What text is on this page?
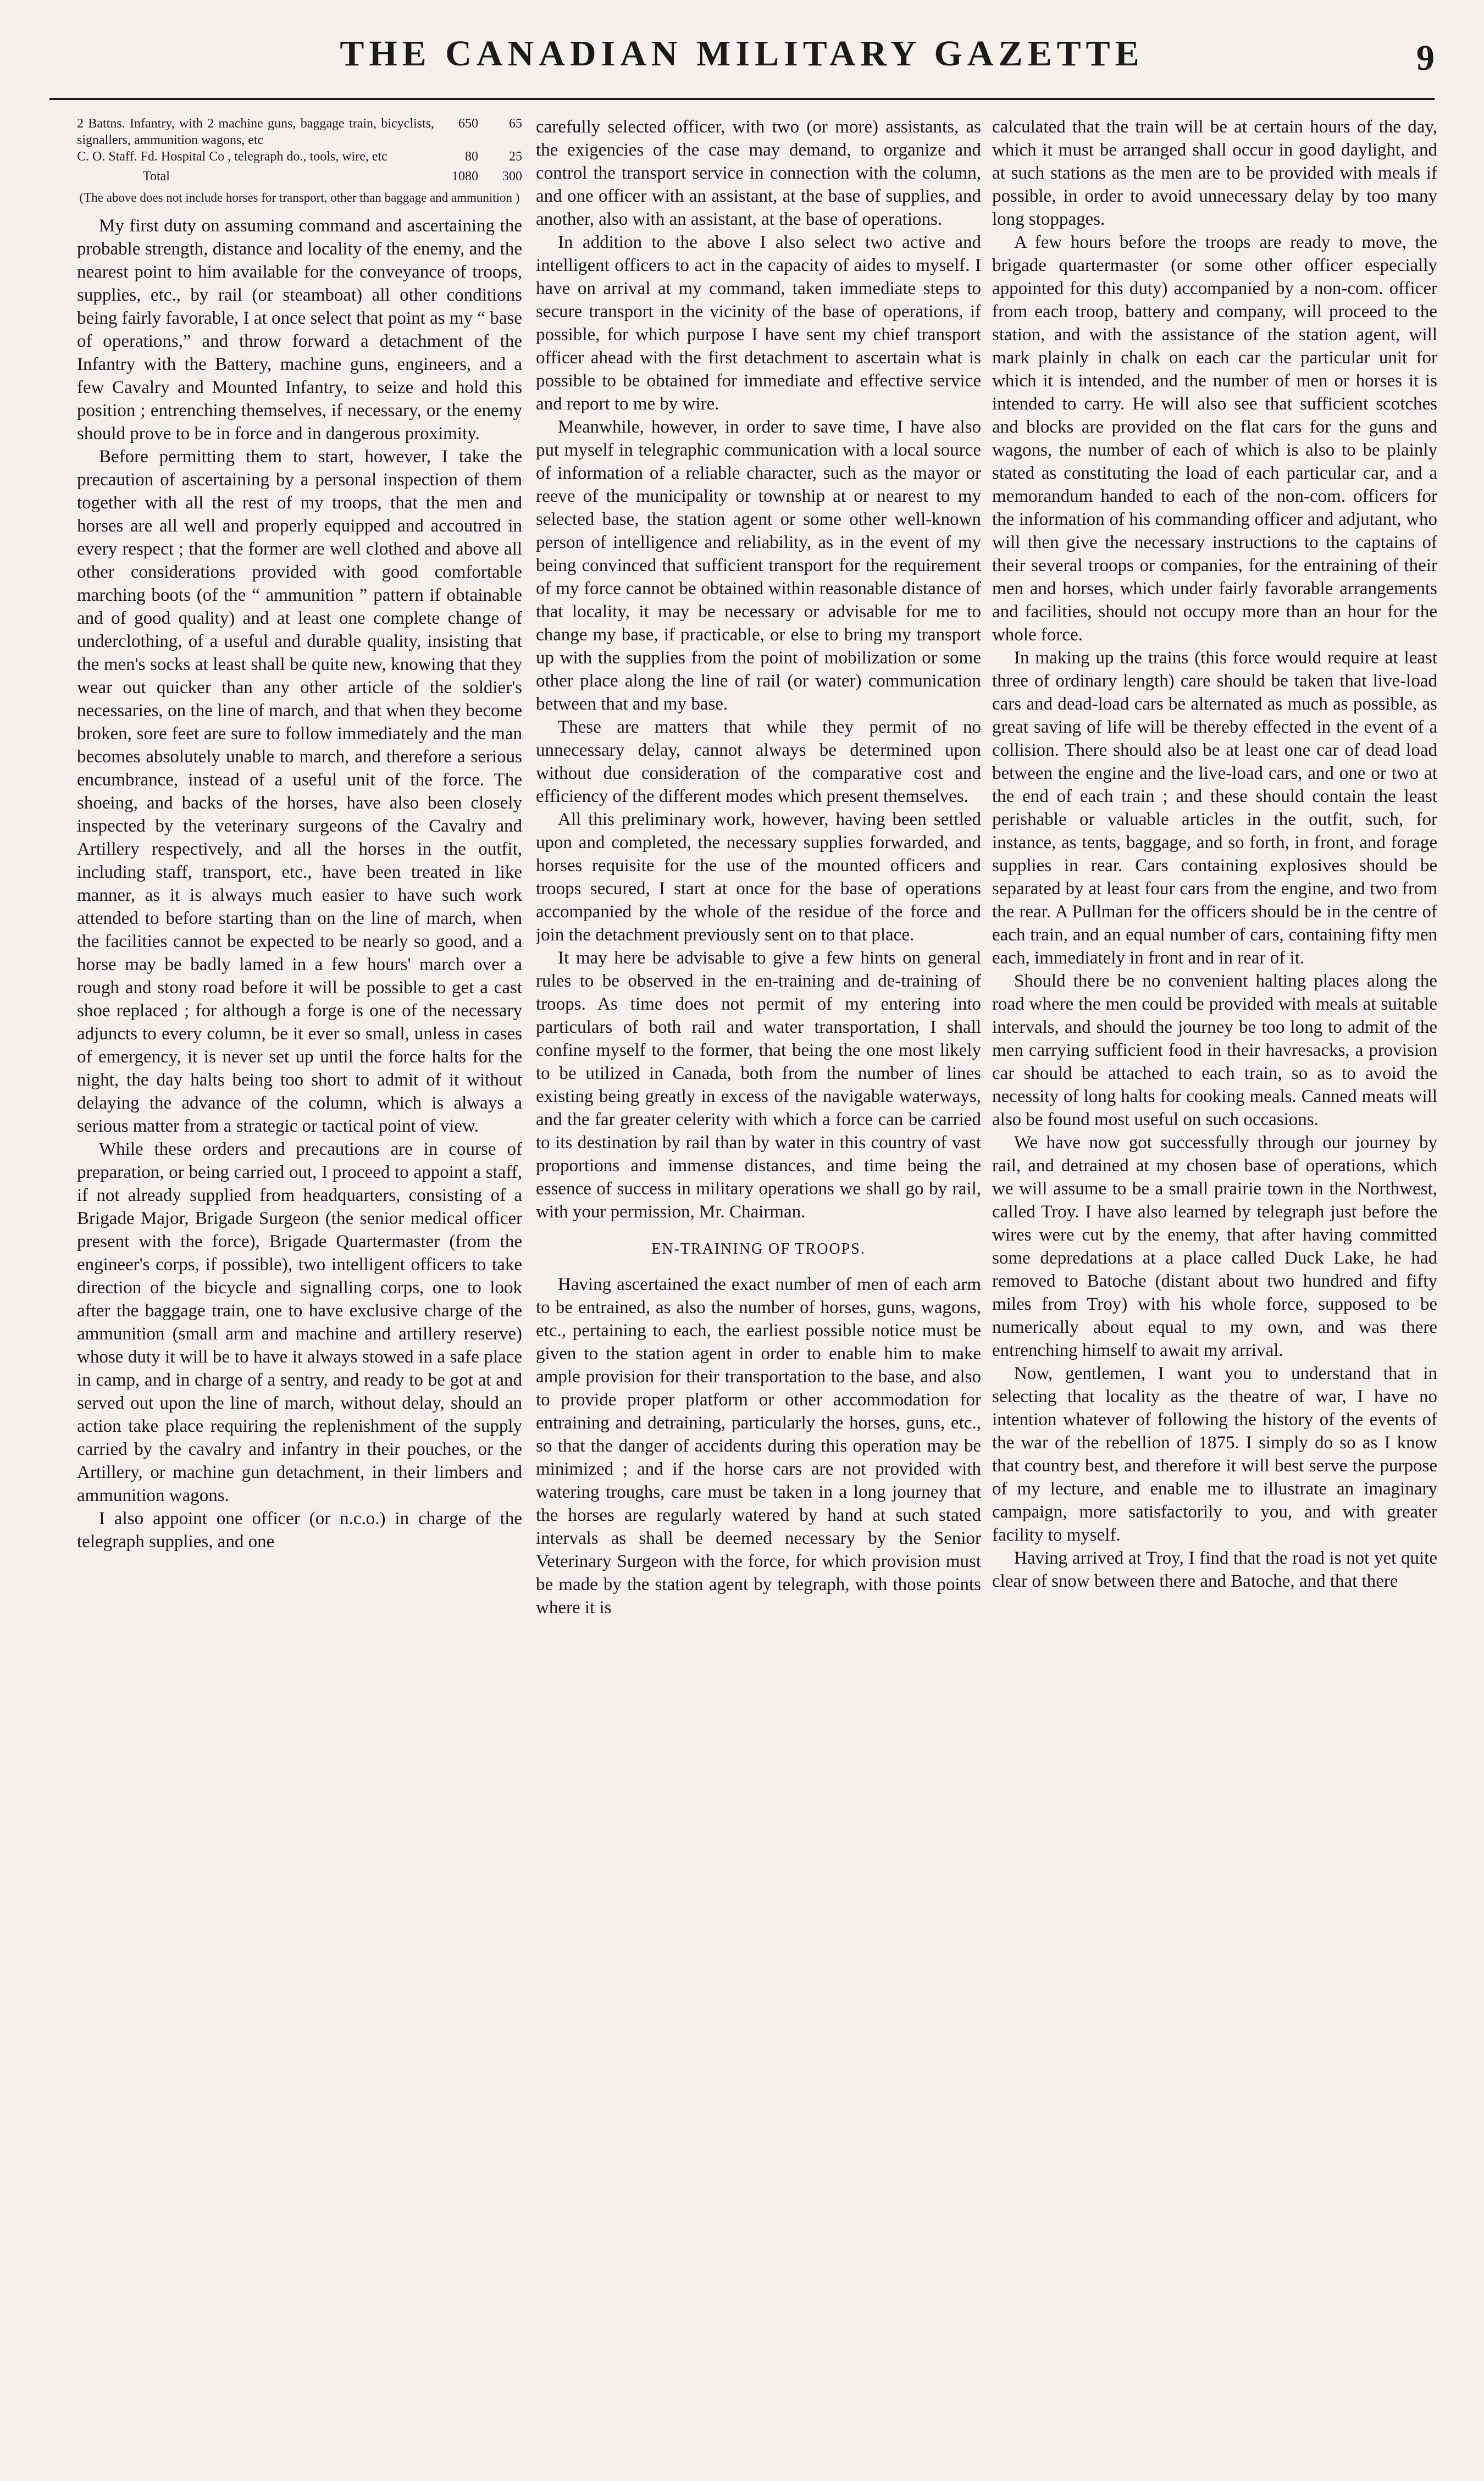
THE CANADIAN MILITARY GAZETTE	9
2 Battns. Infantry, with 2 machine guns, baggage train, bicyclists, signallers, ammunition wagons, etc	650	65
C. O. Staff. Fd. Hospital Co , telegraph do., tools, wire, etc	80	25
Total	1080	300
(The above does not include horses for transport, other than baggage and ammunition )

My first duty on assuming command and ascertaining the probable strength, distance and locality of the enemy, and the nearest point to him available for the conveyance of troops, supplies, etc., by rail (or steamboat) all other conditions being fairly favorable, I at once select that point as my “ base of operations,” and throw forward a detachment of the Infantry with the Battery, machine guns, engineers, and a few Cavalry and Mounted Infantry, to seize and hold this position ; entrenching themselves, if necessary, or the enemy should prove to be in force and in dangerous proximity.

Before permitting them to start, however, I take the precaution of ascertaining by a personal inspection of them together with all the rest of my troops, that the men and horses are all well and properly equipped and accoutred in every respect ; that the former are well clothed and above all other considerations provided with good comfortable marching boots (of the “ ammunition ” pattern if obtainable and of good quality) and at least one complete change of underclothing, of a useful and durable quality, insisting that the men's socks at least shall be quite new, knowing that they wear out quicker than any other article of the soldier's necessaries, on the line of march, and that when they become broken, sore feet are sure to follow immediately and the man becomes absolutely unable to march, and therefore a serious encumbrance, instead of a useful unit of the force. The shoeing, and backs of the horses, have also been closely inspected by the veterinary surgeons of the Cavalry and Artillery respectively, and all the horses in the outfit, including staff, transport, etc., have been treated in like manner, as it is always much easier to have such work attended to before starting than on the line of march, when the facilities cannot be expected to be nearly so good, and a horse may be badly lamed in a few hours' march over a rough and stony road before it will be possible to get a cast shoe replaced ; for although a forge is one of the necessary adjuncts to every column, be it ever so small, unless in cases of emergency, it is never set up until the force halts for the night, the day halts being too short to admit of it without delaying the advance of the column, which is always a serious matter from a strategic or tactical point of view.

While these orders and precautions are in course of preparation, or being carried out, I proceed to appoint a staff, if not already supplied from headquarters, consisting of a Brigade Major, Brigade Surgeon (the senior medical officer present with the force), Brigade Quartermaster (from the engineer's corps, if possible), two intelligent officers to take direction of the bicycle and signalling corps, one to look after the baggage train, one to have exclusive charge of the ammunition (small arm and machine and artillery reserve) whose duty it will be to have it always stowed in a safe place in camp, and in charge of a sentry, and ready to be got at and served out upon the line of march, without delay, should an action take place requiring the replenishment of the supply carried by the cavalry and infantry in their pouches, or the Artillery, or machine gun detachment, in their limbers and ammunition wagons.

I also appoint one officer (or n.c.o.) in charge of the telegraph supplies, and one

carefully selected officer, with two (or more) assistants, as the exigencies of the case may demand, to organize and control the transport service in connection with the column, and one officer with an assistant, at the base of supplies, and another, also with an assistant, at the base of operations.

In addition to the above I also select two active and intelligent officers to act in the capacity of aides to myself. I have on arrival at my command, taken immediate steps to secure transport in the vicinity of the base of operations, if possible, for which purpose I have sent my chief transport officer ahead with the first detachment to ascertain what is possible to be obtained for immediate and effective service and report to me by wire.

Meanwhile, however, in order to save time, I have also put myself in telegraphic communication with a local source of information of a reliable character, such as the mayor or reeve of the municipality or township at or nearest to my selected base, the station agent or some other well-known person of intelligence and reliability, as in the event of my being convinced that sufficient transport for the requirement of my force cannot be obtained within reasonable distance of that locality, it may be necessary or advisable for me to change my base, if practicable, or else to bring my transport up with the supplies from the point of mobilization or some other place along the line of rail (or water) communication between that and my base.

These are matters that while they permit of no unnecessary delay, cannot always be determined upon without due consideration of the comparative cost and efficiency of the different modes which present themselves.

All this preliminary work, however, having been settled upon and completed, the necessary supplies forwarded, and horses requisite for the use of the mounted officers and troops secured, I start at once for the base of operations accompanied by the whole of the residue of the force and join the detachment previously sent on to that place.

It may here be advisable to give a few hints on general rules to be observed in the en-training and de-training of troops. As time does not permit of my entering into particulars of both rail and water transportation, I shall confine myself to the former, that being the one most likely to be utilized in Canada, both from the number of lines existing being greatly in excess of the navigable waterways, and the far greater celerity with which a force can be carried to its destination by rail than by water in this country of vast proportions and immense distances, and time being the essence of success in military operations we shall go by rail, with your permission, Mr. Chairman.

EN-TRAINING OF TROOPS.

Having ascertained the exact number of men of each arm to be entrained, as also the number of horses, guns, wagons, etc., pertaining to each, the earliest possible notice must be given to the station agent in order to enable him to make ample provision for their transportation to the base, and also to provide proper platform or other accommodation for entraining and detraining, particularly the horses, guns, etc., so that the danger of accidents during this operation may be minimized ; and if the horse cars are not provided with watering troughs, care must be taken in a long journey that the horses are regularly watered by hand at such stated intervals as shall be deemed necessary by the Senior Veterinary Surgeon with the force, for which provision must be made by the station agent by telegraph, with those points where it is

calculated that the train will be at certain hours of the day, which it must be arranged shall occur in good daylight, and at such stations as the men are to be provided with meals if possible, in order to avoid unnecessary delay by too many long stoppages.

A few hours before the troops are ready to move, the brigade quartermaster (or some other officer especially appointed for this duty) accompanied by a non-com. officer from each troop, battery and company, will proceed to the station, and with the assistance of the station agent, will mark plainly in chalk on each car the particular unit for which it is intended, and the number of men or horses it is intended to carry. He will also see that sufficient scotches and blocks are provided on the flat cars for the guns and wagons, the number of each of which is also to be plainly stated as constituting the load of each particular car, and a memorandum handed to each of the non-com. officers for the information of his commanding officer and adjutant, who will then give the necessary instructions to the captains of their several troops or companies, for the entraining of their men and horses, which under fairly favorable arrangements and facilities, should not occupy more than an hour for the whole force.

In making up the trains (this force would require at least three of ordinary length) care should be taken that live-load cars and dead-load cars be alternated as much as possible, as great saving of life will be thereby effected in the event of a collision. There should also be at least one car of dead load between the engine and the live-load cars, and one or two at the end of each train ; and these should contain the least perishable or valuable articles in the outfit, such, for instance, as tents, baggage, and so forth, in front, and forage supplies in rear. Cars containing explosives should be separated by at least four cars from the engine, and two from the rear. A Pullman for the officers should be in the centre of each train, and an equal number of cars, containing fifty men each, immediately in front and in rear of it.

Should there be no convenient halting places along the road where the men could be provided with meals at suitable intervals, and should the journey be too long to admit of the men carrying sufficient food in their havresacks, a provision car should be attached to each train, so as to avoid the necessity of long halts for cooking meals. Canned meats will also be found most useful on such occasions.

We have now got successfully through our journey by rail, and detrained at my chosen base of operations, which we will assume to be a small prairie town in the Northwest, called Troy. I have also learned by telegraph just before the wires were cut by the enemy, that after having committed some depredations at a place called Duck Lake, he had removed to Batoche (distant about two hundred and fifty miles from Troy) with his whole force, supposed to be numerically about equal to my own, and was there entrenching himself to await my arrival.

Now, gentlemen, I want you to understand that in selecting that locality as the theatre of war, I have no intention whatever of following the history of the events of the war of the rebellion of 1875. I simply do so as I know that country best, and therefore it will best serve the purpose of my lecture, and enable me to illustrate an imaginary campaign, more satisfactorily to you, and with greater facility to myself.

Having arrived at Troy, I find that the road is not yet quite clear of snow between there and Batoche, and that there
